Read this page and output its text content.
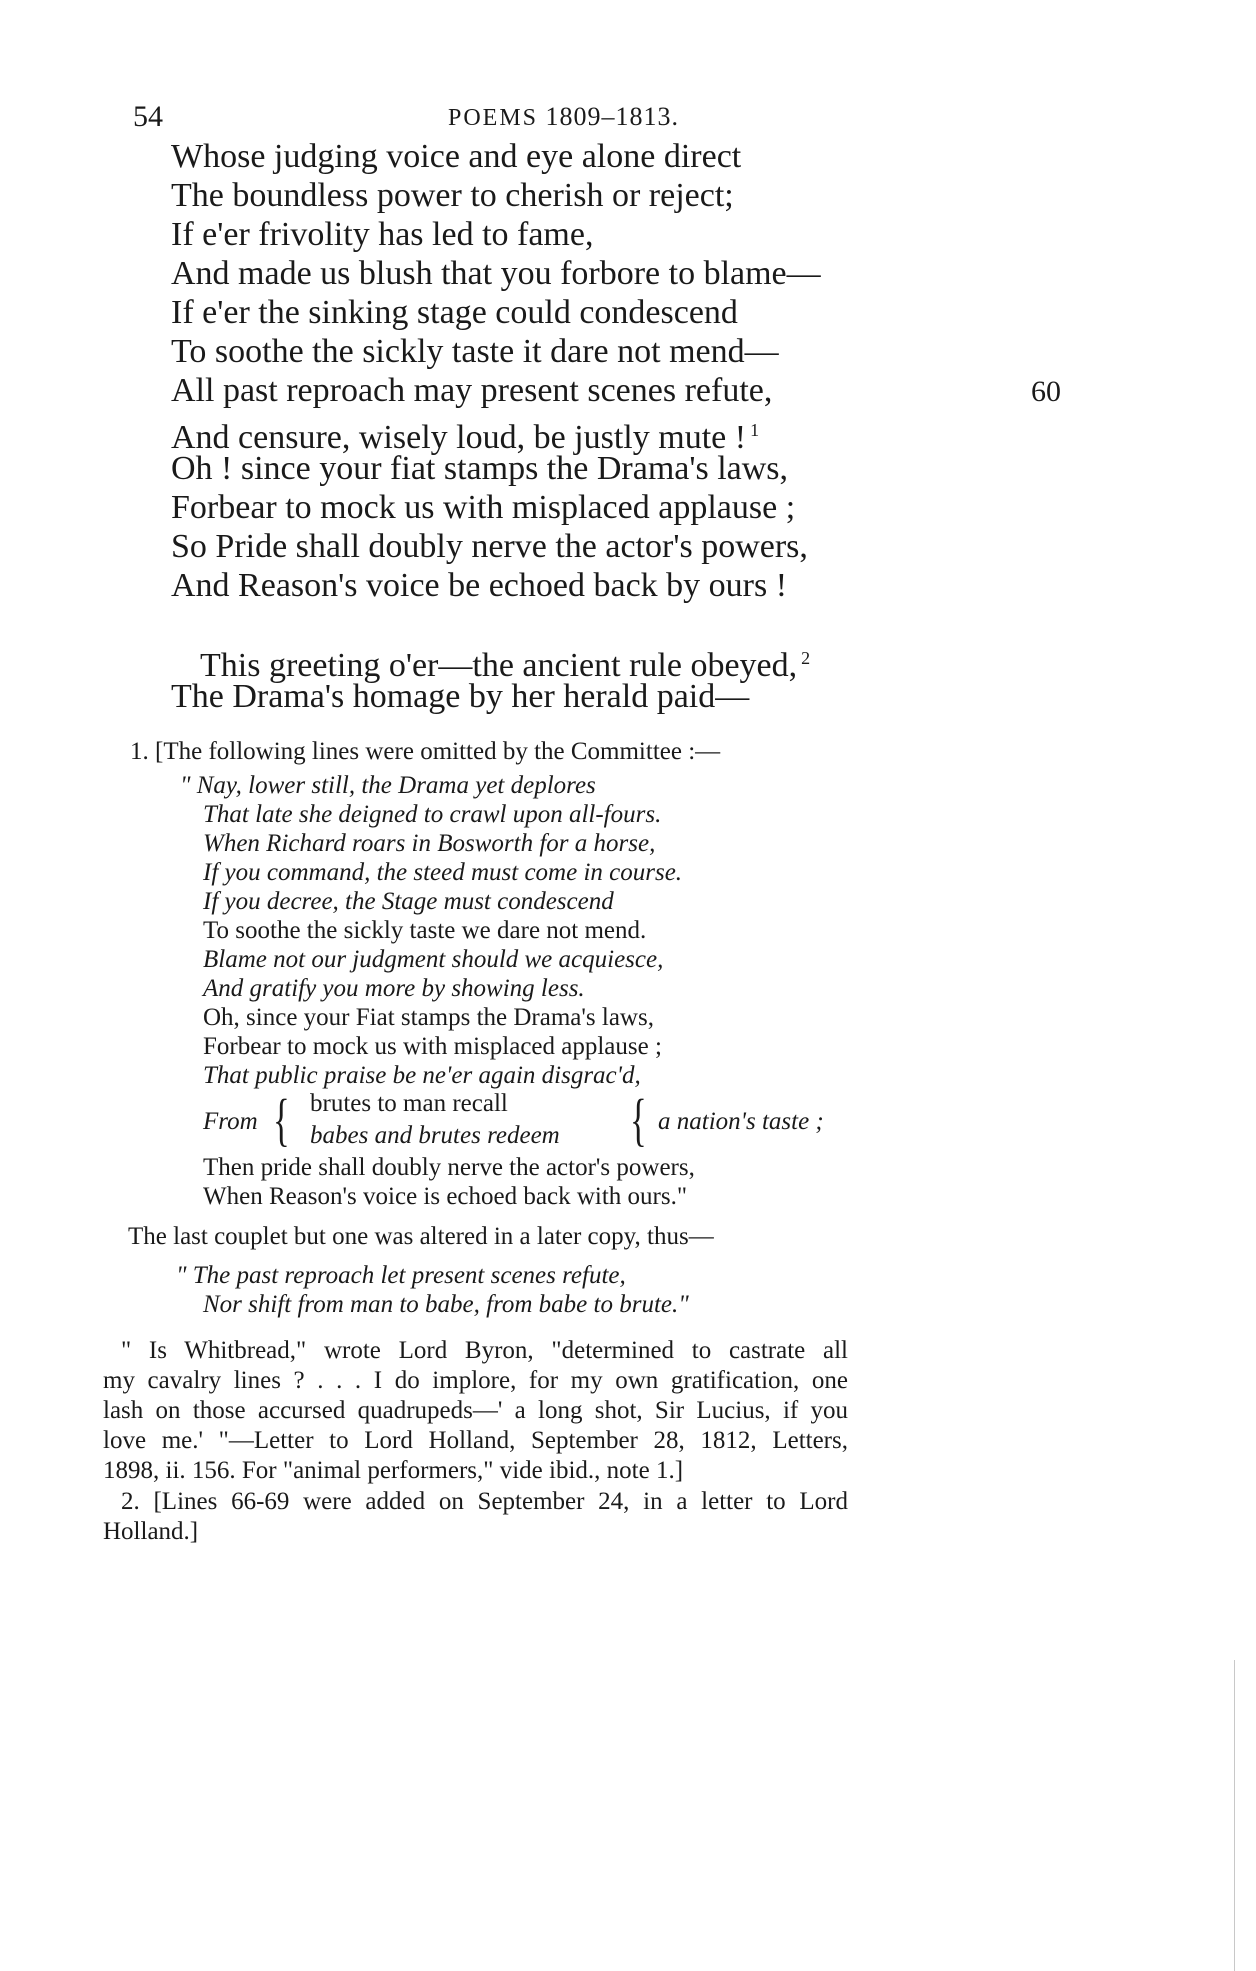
54	POEMS 1809–1813.
Whose judging voice and eye alone direct
The boundless power to cherish or reject;
If e'er frivolity has led to fame,
And made us blush that you forbore to blame—
If e'er the sinking stage could condescend
To soothe the sickly taste it dare not mend—
All past reproach may present scenes refute,	60
And censure, wisely loud, be justly mute ! $^1$
Oh ! since your fiat stamps the Drama's laws,
Forbear to mock us with misplaced applause ;
So Pride shall doubly nerve the actor's powers,
And Reason's voice be echoed back by ours !
This greeting o'er—the ancient rule obeyed, $^2$
The Drama's homage by her herald paid—
1. [The following lines were omitted by the Committee :—
" Nay, lower still, the Drama yet deplores
That late she deigned to crawl upon all-fours.
When Richard roars in Bosworth for a horse,
If you command, the steed must come in course.
If you decree, the Stage must condescend
To soothe the sickly taste we dare not mend.
Blame not our judgment should we acquiesce,
And gratify you more by showing less.
Oh, since your Fiat stamps the Drama's laws,
Forbear to mock us with misplaced applause ;
That public praise be ne'er again disgrac'd,
From { brutes to man recall
babes and brutes redeem { a nation's taste ;
Then pride shall doubly nerve the actor's powers,
When Reason's voice is echoed back with ours."
The last couplet but one was altered in a later copy, thus—
" The past reproach let present scenes refute,
Nor shift from man to babe, from babe to brute."
" Is Whitbread," wrote Lord Byron, "determined to castrate all
my cavalry lines ? . . . I do implore, for my own gratification, one
lash on those accursed quadrupeds—' a long shot, Sir Lucius, if you
love me.' "—Letter to Lord Holland, September 28, 1812, Letters,
1898, ii. 156. For "animal performers," vide ibid., note 1.]
2. [Lines 66-69 were added on September 24, in a letter to Lord
Holland.]
